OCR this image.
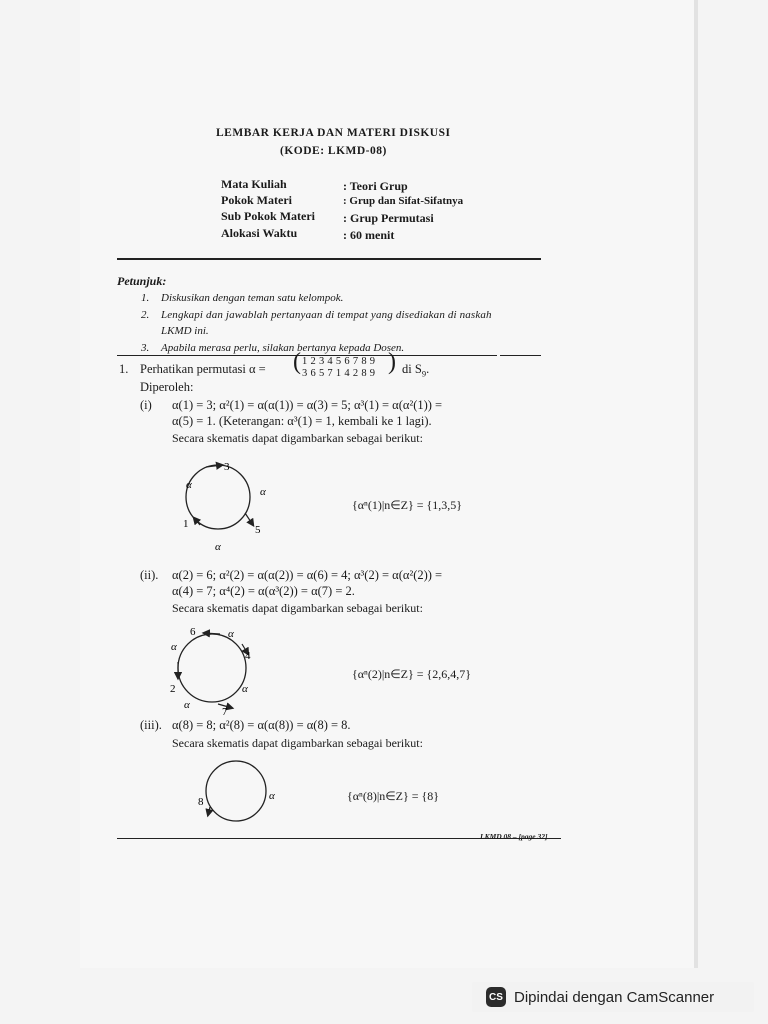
LEMBAR KERJA DAN MATERI DISKUSI
(KODE: LKMD-08)
Mata Kuliah	: Teori Grup
Pokok Materi	: Grup dan Sifat-Sifatnya
Sub Pokok Materi : Grup Permutasi
Alokasi Waktu	: 60 menit
Petunjuk:
1. Diskusikan dengan teman satu kelompok.
2. Lengkapi dan jawablah pertanyaan di tempat yang disediakan di naskah
LKMD ini.
3. Apabila merasa perlu, silakan bertanya kepada Dosen.
1. Perhatikan permutasi α = ( 1 2 3 4 5 6 7 8 9
3 6 5 7 1 4 2 8 9 ) di $S_9$.
Diperoleh:
(i) α(1) = 3; α²(1) = α(α(1)) = α(3) = 5; α³(1) = α(α²(1)) =
α(5) = 1. (Keterangan: α³(1) = 1, kembali ke 1 lagi).
Secara skematis dapat digambarkan sebagai berikut:
3
5
1
α
α
α
{αⁿ(1)|n∈Z} = {1,3,5}
(ii). α(2) = 6; α²(2) = α(α(2)) = α(6) = 4; α³(2) = α(α²(2)) =
α(4) = 7; α⁴(2) = α(α³(2)) = α(7) = 2.
Secara skematis dapat digambarkan sebagai berikut:
6
4
7
2
α
α
α
α
{αⁿ(2)|n∈Z} = {2,6,4,7}
(iii). α(8) = 8; α²(8) = α(α(8)) = α(8) = 8.
Secara skematis dapat digambarkan sebagai berikut:
8	α	{αⁿ(8)|n∈Z} = {8}
LKMD 08 – [page 32]
CS Dipindai dengan CamScanner
